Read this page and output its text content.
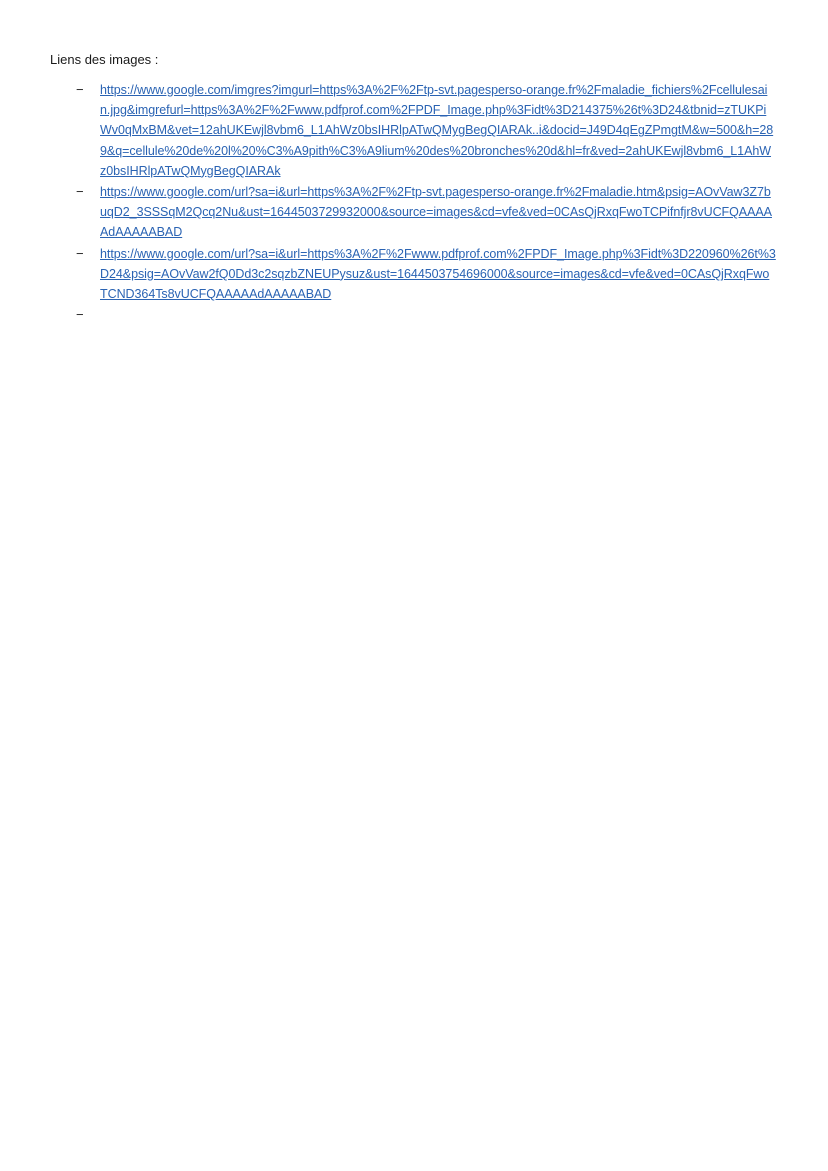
Liens des images :

−	https://www.google.com/imgres?imgurl=https%3A%2F%2Ftp-svt.pagesperso-orange.fr%2Fmaladie_fichiers%2Fcellulesain.jpg&imgrefurl=https%3A%2F%2Fwww.pdfprof.com%2FPDF_Image.php%3Fidt%3D214375%26t%3D24&tbnid=zTUKPiWv0qMxBM&vet=12ahUKEwjl8vbm6_L1AhWz0bsIHRlpATwQMygBegQIARAk..i&docid=J49D4qEgZPmgtM&w=500&h=289&q=cellule%20de%20l%20%C3%A9pith%C3%A9lium%20des%20bronches%20d&hl=fr&ved=2ahUKEwjl8vbm6_L1AhWz0bsIHRlpATwQMygBegQIARAk
−	https://www.google.com/url?sa=i&url=https%3A%2F%2Ftp-svt.pagesperso-orange.fr%2Fmaladie.htm&psig=AOvVaw3Z7buqD2_3SSSqM2Qcq2Nu&ust=1644503729932000&source=images&cd=vfe&ved=0CAsQjRxqFwoTCPifnfjr8vUCFQAAAAAdAAAAABAD
−	https://www.google.com/url?sa=i&url=https%3A%2F%2Fwww.pdfprof.com%2FPDF_Image.php%3Fidt%3D220960%26t%3D24&psig=AOvVaw2fQ0Dd3c2sqzbZNEUPysuz&ust=1644503754696000&source=images&cd=vfe&ved=0CAsQjRxqFwoTCND364Ts8vUCFQAAAAAdAAAAABAD
−
